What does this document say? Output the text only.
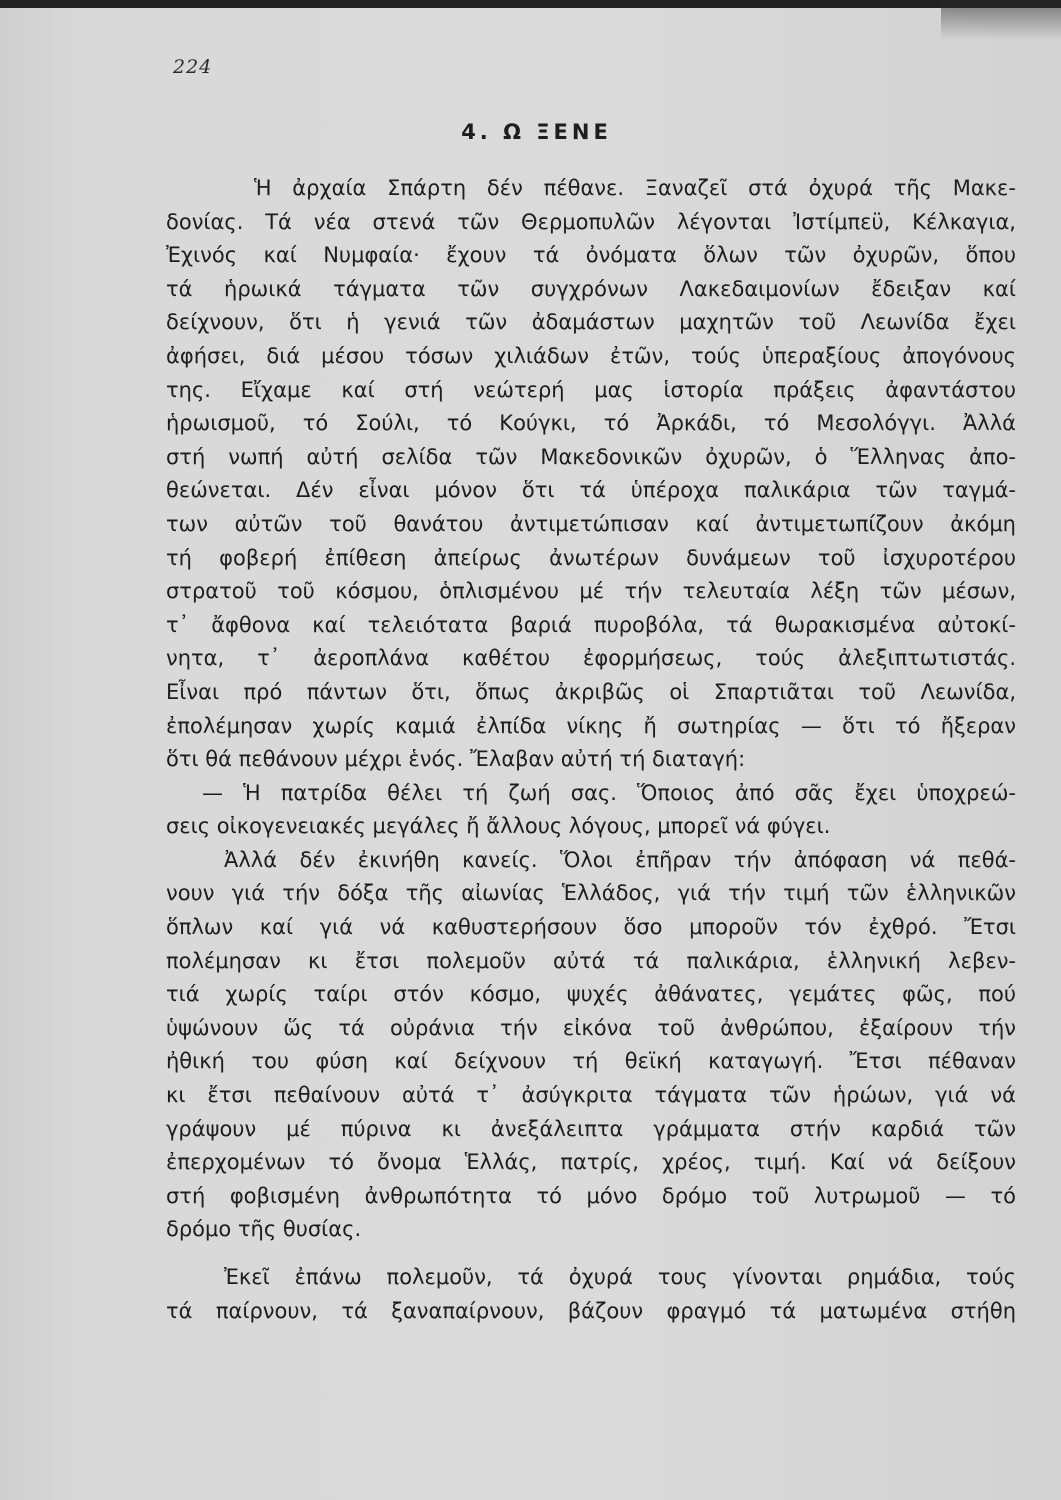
224
4. Ω ΞΕΝΕ

Ἡ ἀρχαία Σπάρτη δέν πέθανε. Ξαναζεῖ στά ὀχυρά τῆς Μακε-

δονίας. Τά νέα στενά τῶν Θερμοπυλῶν λέγονται Ἰστίμπεϋ, Κέλκαγια,

Ἐχινός καί Νυμφαία· ἔχουν τά ὀνόματα ὅλων τῶν ὀχυρῶν, ὅπου

τά ἡρωικά τάγματα τῶν συγχρόνων Λακεδαιμονίων ἔδειξαν καί

δείχνουν, ὅτι ἡ γενιά τῶν ἀδαμάστων μαχητῶν τοῦ Λεωνίδα ἔχει

ἀφήσει, διά μέσου τόσων χιλιάδων ἐτῶν, τούς ὑπεραξίους ἀπογόνους

της. Εἴχαμε καί στή νεώτερή μας ἱστορία πράξεις ἀφαντάστου

ἡρωισμοῦ, τό Σούλι, τό Κούγκι, τό Ἀρκάδι, τό Μεσολόγγι. Ἀλλά

στή νωπή αὐτή σελίδα τῶν Μακεδονικῶν ὀχυρῶν, ὁ Ἕλληνας ἀπο-

θεώνεται. Δέν εἶναι μόνον ὅτι τά ὑπέροχα παλικάρια τῶν ταγμά-

των αὐτῶν τοῦ θανάτου ἀντιμετώπισαν καί ἀντιμετωπίζουν ἀκόμη

τή φοβερή ἐπίθεση ἀπείρως ἀνωτέρων δυνάμεων τοῦ ἰσχυροτέρου

στρατοῦ τοῦ κόσμου, ὁπλισμένου μέ τήν τελευταία λέξη τῶν μέσων,

τ᾽ ἄφθονα καί τελειότατα βαριά πυροβόλα, τά θωρακισμένα αὐτοκί-

νητα, τ᾽ ἀεροπλάνα καθέτου ἐφορμήσεως, τούς ἀλεξιπτωτιστάς.

Εἶναι πρό πάντων ὅτι, ὅπως ἀκριβῶς οἱ Σπαρτιᾶται τοῦ Λεωνίδα,

ἐπολέμησαν χωρίς καμιά ἐλπίδα νίκης ἤ σωτηρίας — ὅτι τό ἤξεραν

ὅτι θά πεθάνουν μέχρι ἑνός. Ἔλαβαν αὐτή τή διαταγή:

— Ἡ πατρίδα θέλει τή ζωή σας. Ὅποιος ἀπό σᾶς ἔχει ὑποχρεώ-

σεις οἰκογενειακές μεγάλες ἤ ἄλλους λόγους, μπορεῖ νά φύγει.

Ἀλλά δέν ἐκινήθη κανείς. Ὅλοι ἐπῆραν τήν ἀπόφαση νά πεθά-

νουν γιά τήν δόξα τῆς αἰωνίας Ἑλλάδος, γιά τήν τιμή τῶν ἑλληνικῶν

ὅπλων καί γιά νά καθυστερήσουν ὅσο μποροῦν τόν ἐχθρό. Ἔτσι

πολέμησαν κι ἔτσι πολεμοῦν αὐτά τά παλικάρια, ἑλληνική λεβεν-

τιά χωρίς ταίρι στόν κόσμο, ψυχές ἀθάνατες, γεμάτες φῶς, πού

ὑψώνουν ὥς τά οὐράνια τήν εἰκόνα τοῦ ἀνθρώπου, ἐξαίρουν τήν

ἠθική του φύση καί δείχνουν τή θεϊκή καταγωγή. Ἔτσι πέθαναν

κι ἔτσι πεθαίνουν αὐτά τ᾽ ἀσύγκριτα τάγματα τῶν ἡρώων, γιά νά

γράψουν μέ πύρινα κι ἀνεξάλειπτα γράμματα στήν καρδιά τῶν

ἐπερχομένων τό ὄνομα Ἑλλάς, πατρίς, χρέος, τιμή. Καί νά δείξουν

στή φοβισμένη ἀνθρωπότητα τό μόνο δρόμο τοῦ λυτρωμοῦ — τό

δρόμο τῆς θυσίας.

Ἐκεῖ ἐπάνω πολεμοῦν, τά ὀχυρά τους γίνονται ρημάδια, τούς

τά παίρνουν, τά ξαναπαίρνουν, βάζουν φραγμό τά ματωμένα στήθη
